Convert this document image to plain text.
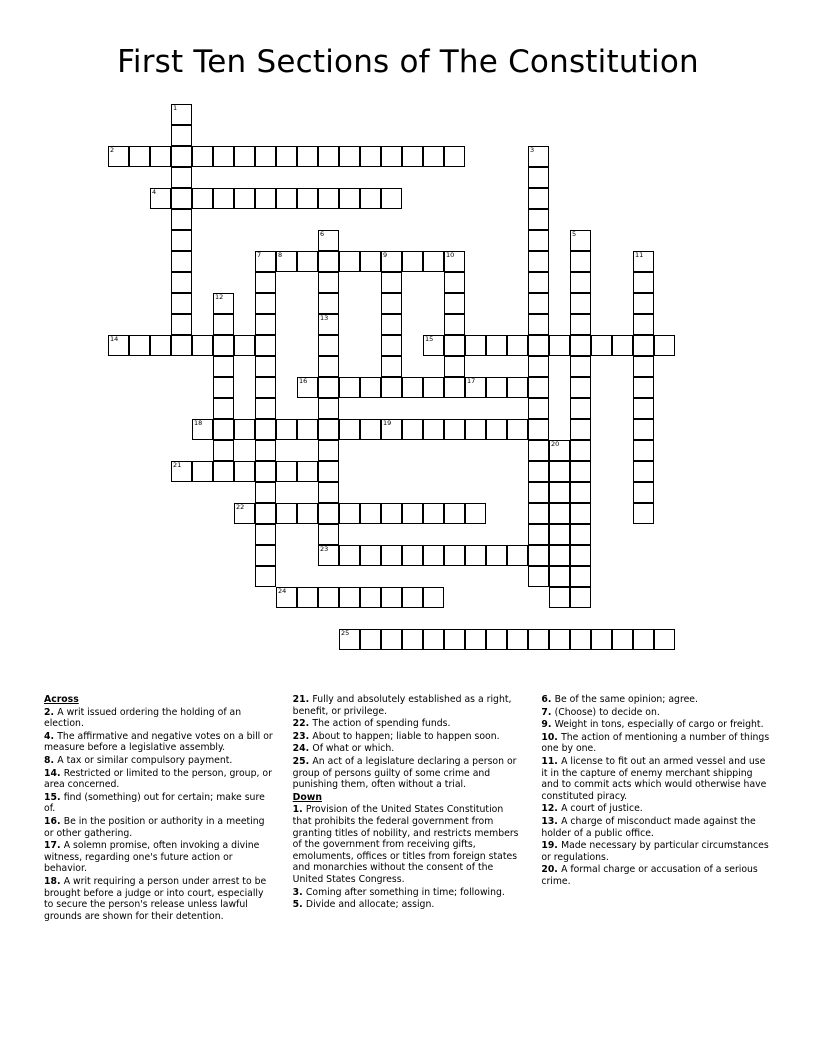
First Ten Sections of The Constitution
1
2	3
4
5
6
13
7	8	9	10	11
12
23
14	15
16	17
18	19
20
21
22
24
25
Across
2. A writ issued ordering the holding of an election.
4. The affirmative and negative votes on a bill or measure before a legislative assembly.
8. A tax or similar compulsory payment.
14. Restricted or limited to the person, group, or area concerned.
15. find (something) out for certain; make sure of.
16. Be in the position or authority in a meeting or other gathering.
17. A solemn promise, often invoking a divine witness, regarding one's future action or behavior.
18. A writ requiring a person under arrest to be brought before a judge or into court, especially to secure the person's release unless lawful grounds are shown for their detention.
21. Fully and absolutely established as a right, benefit, or privilege.
22. The action of spending funds.
23. About to happen; liable to happen soon.
24. Of what or which.
25. An act of a legislature declaring a person or group of persons guilty of some crime and punishing them, often without a trial.
Down
1. Provision of the United States Constitution that prohibits the federal government from granting titles of nobility, and restricts members of the government from receiving gifts, emoluments, offices or titles from foreign states and monarchies without the consent of the United States Congress.
3. Coming after something in time; following.
5. Divide and allocate; assign.
6. Be of the same opinion; agree.
7. (Choose) to decide on.
9. Weight in tons, especially of cargo or freight.
10. The action of mentioning a number of things one by one.
11. A license to fit out an armed vessel and use it in the capture of enemy merchant shipping and to commit acts which would otherwise have constituted piracy.
12. A court of justice.
13. A charge of misconduct made against the holder of a public office.
19. Made necessary by particular circumstances or regulations.
20. A formal charge or accusation of a serious crime.
